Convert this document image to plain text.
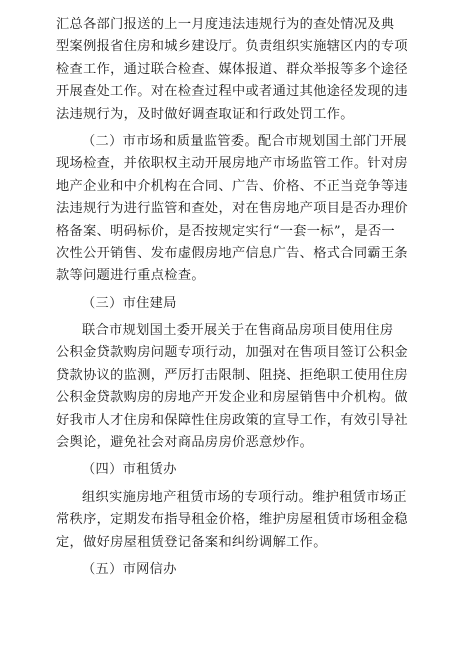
汇总各部门报送的上一月度违法违规行为的查处情况及典
型案例报省住房和城乡建设厅。负责组织实施辖区内的专项
检查工作，通过联合检查、媒体报道、群众举报等多个途径
开展查处工作。对在检查过程中或者通过其他途径发现的违
法违规行为，及时做好调查取证和行政处罚工作。
（二）市市场和质量监管委。配合市规划国土部门开展
现场检查，并依职权主动开展房地产市场监管工作。针对房
地产企业和中介机构在合同、广告、价格、不正当竞争等违
法违规行为进行监管和查处，对在售房地产项目是否办理价
格备案、明码标价，是否按规定实行“一套一标”，是否一
次性公开销售、发布虚假房地产信息广告、格式合同霸王条
款等问题进行重点检查。
（三）市住建局
联合市规划国土委开展关于在售商品房项目使用住房
公积金贷款购房问题专项行动，加强对在售项目签订公积金
贷款协议的监测，严厉打击限制、阻挠、拒绝职工使用住房
公积金贷款购房的房地产开发企业和房屋销售中介机构。做
好我市人才住房和保障性住房政策的宣导工作，有效引导社
会舆论，避免社会对商品房房价恶意炒作。
（四）市租赁办
组织实施房地产租赁市场的专项行动。维护租赁市场正
常秩序，定期发布指导租金价格，维护房屋租赁市场租金稳
定，做好房屋租赁登记备案和纠纷调解工作。
（五）市网信办
